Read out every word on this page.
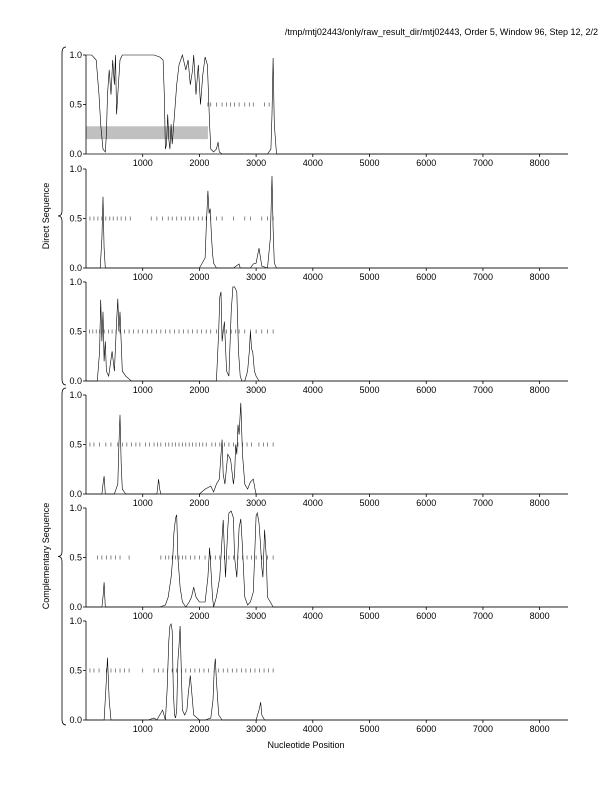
/tmp/mtj02443/only/raw_result_dir/mtj02443, Order 5, Window 96, Step 12, 2/2
0.0
0.5
1.0
1000	2000	3000	4000	5000	6000	7000	8000
0.0
0.5
1.0
1000	2000	3000	4000	5000	6000	7000	8000
0.0
0.5
1.0
1000	2000	3000	4000	5000	6000	7000	8000
0.0
0.5
1.0
1000	2000	3000	4000	5000	6000	7000	8000
0.0
0.5
1.0
1000	2000	3000	4000	5000	6000	7000	8000
0.0
0.5
1.0
1000	2000	3000	4000	5000	6000	7000	8000
Direct Sequence
Complementary Sequence
Nucleotide Position
